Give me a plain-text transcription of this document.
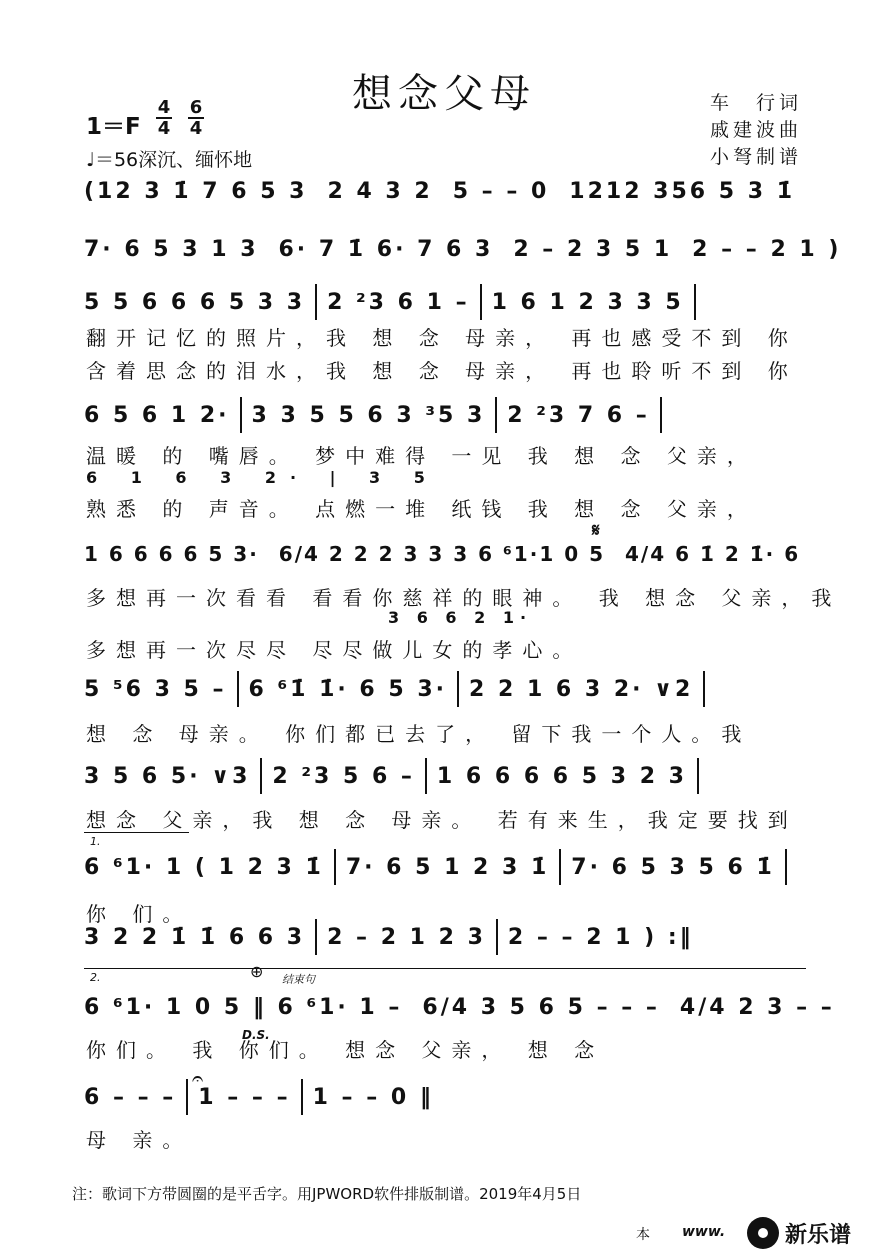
想念父母	车　行词
戚建波曲
小弩制谱
1＝F
4
4
6
4
♩＝56深沉、缅怀地
(12 3 1̇ 7 6 5 3 2 4 3 2 5 – – 0 1212 356 5 3 1̇
7· 6 5 3 1 3 6· 7 1̇ 6· 7 6 3 2 – 2 3 5 1 2 – – 2 1 )
5 5 6 6 6 5 3 3 2 ²3 6 1 – 1 6 1 2 3 3 5
翻开记忆的照片，我 想 念 母亲， 再也感受不到 你
含着思念的泪水，我 想 念 母亲， 再也聆听不到 你
6 5 6 1 2· 3 3 5 5 6 3 ³5 3 2 ²3 7 6 –
温暖 的 嘴唇。 梦中难得 一见 我 想 念 父亲，
6 1 6 3 2· | 3 5
熟悉 的 声音。 点燃一堆 纸钱 我 想 念 父亲，
𝄋
1 6 6 6 6 5 3· 6/4 2 2 2 3 3 3 6 ⁶1·1 0 5 4/4 6 1̇ 2 1̇· 6
多想再一次看看 看看你慈祥的眼神。 我 想念 父亲，我
3 6 6 2 1·
多想再一次尽尽 尽尽做儿女的孝心。
5 ⁵6 3 5 – 6 ⁶1̇ 1̇· 6 5 3· 2 2 1 6 3 2· ∨2
想 念 母亲。 你们都已去了， 留下我一个人。我
3 5 6 5· ∨3 2 ²3 5 6 – 1 6 6 6 6 5 3 2 3
想念 父亲，我 想 念 母亲。 若有来生，我定要找到
1.
6 ⁶1· 1 ( 1 2 3 1̇ 7· 6 5 1 2 3 1̇ 7· 6 5 3 5 6 1̇
你 们。
3 2 2 1̇ 1̇ 6 6 3 2 – 2 1 2 3 2 – – 2 1 ) :‖
2.	结束句
⊕
6 ⁶1· 1 0 5 ‖ 6 ⁶1· 1 – 6/4 3 5 6 5 – – – 4/4 2 3 – –
D.S.
你们。 我 你们。 想念 父亲， 想 念
𝄐
6 – – – 1 – – – 1 – – 0 ‖
母 亲。
注：歌词下方带圆圈的是平舌字。用JPWORD软件排版制谱。2019年4月5日
本 www.	新乐谱
